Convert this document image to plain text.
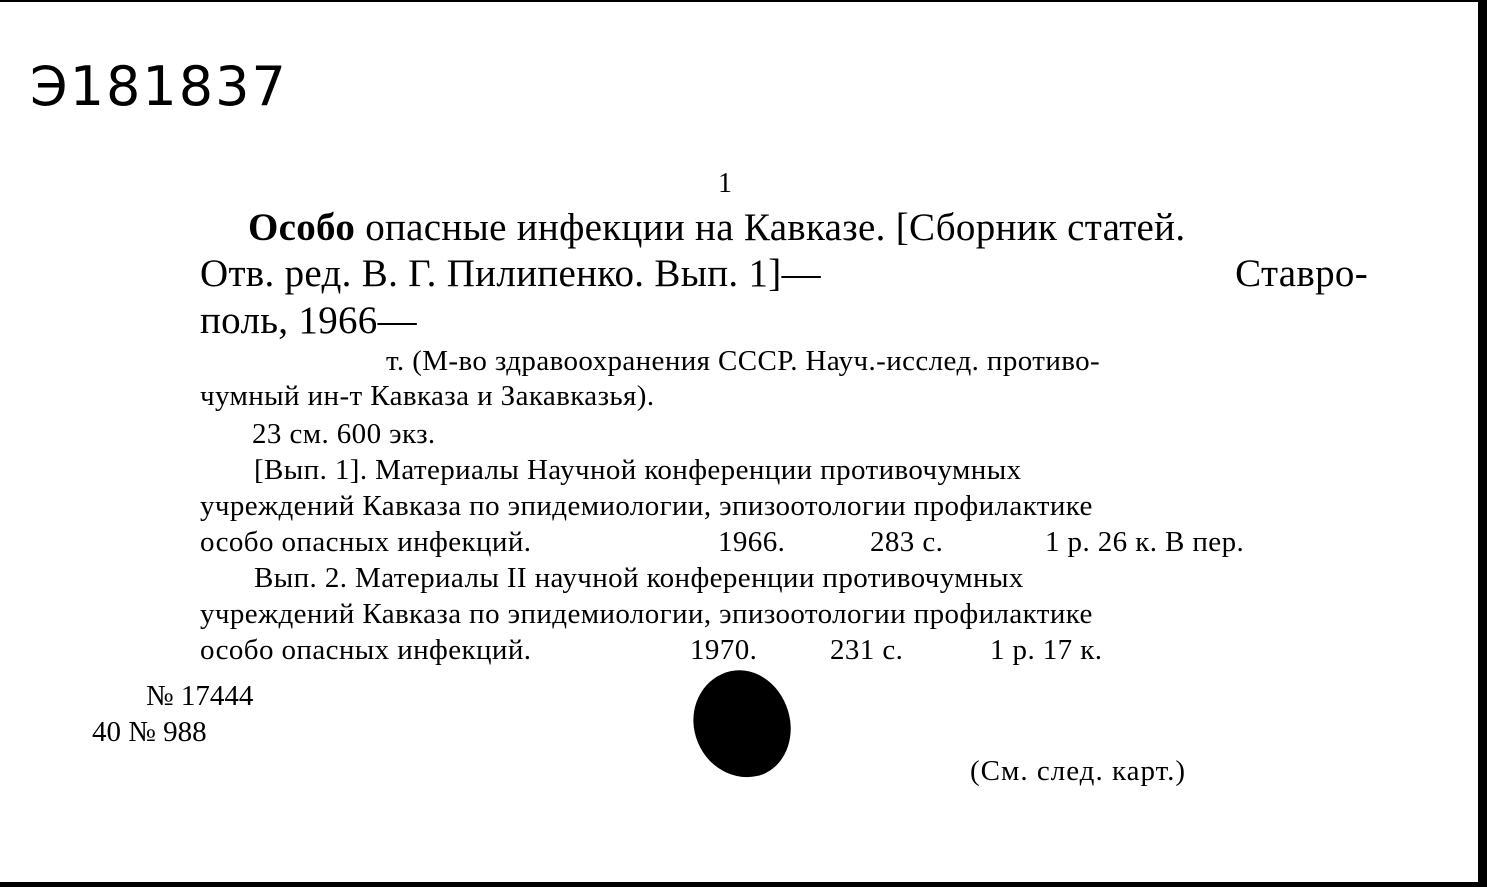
Э181837
1
Особо опасные инфекции на Кавказе. [Сборник статей.
Отв. ред. В. Г. Пилипенко. Вып. 1]—	Ставро-
поль, 1966—
т. (М-во здравоохранения СССР. Науч.-исслед. противо-
чумный ин-т Кавказа и Закавказья).
23 см. 600 экз.
[Вып. 1]. Материалы Научной конференции противочумных
учреждений Кавказа по эпидемиологии, эпизоотологии профилактике
особо опасных инфекций.	1966.	283 с.	1 р. 26 к. В пер.
Вып. 2. Материалы II научной конференции противочумных
учреждений Кавказа по эпидемиологии, эпизоотологии профилактике
особо опасных инфекций.	1970.	231 с.	1 р. 17 к.
№ 17444
40 № 988
(См. след. карт.)
